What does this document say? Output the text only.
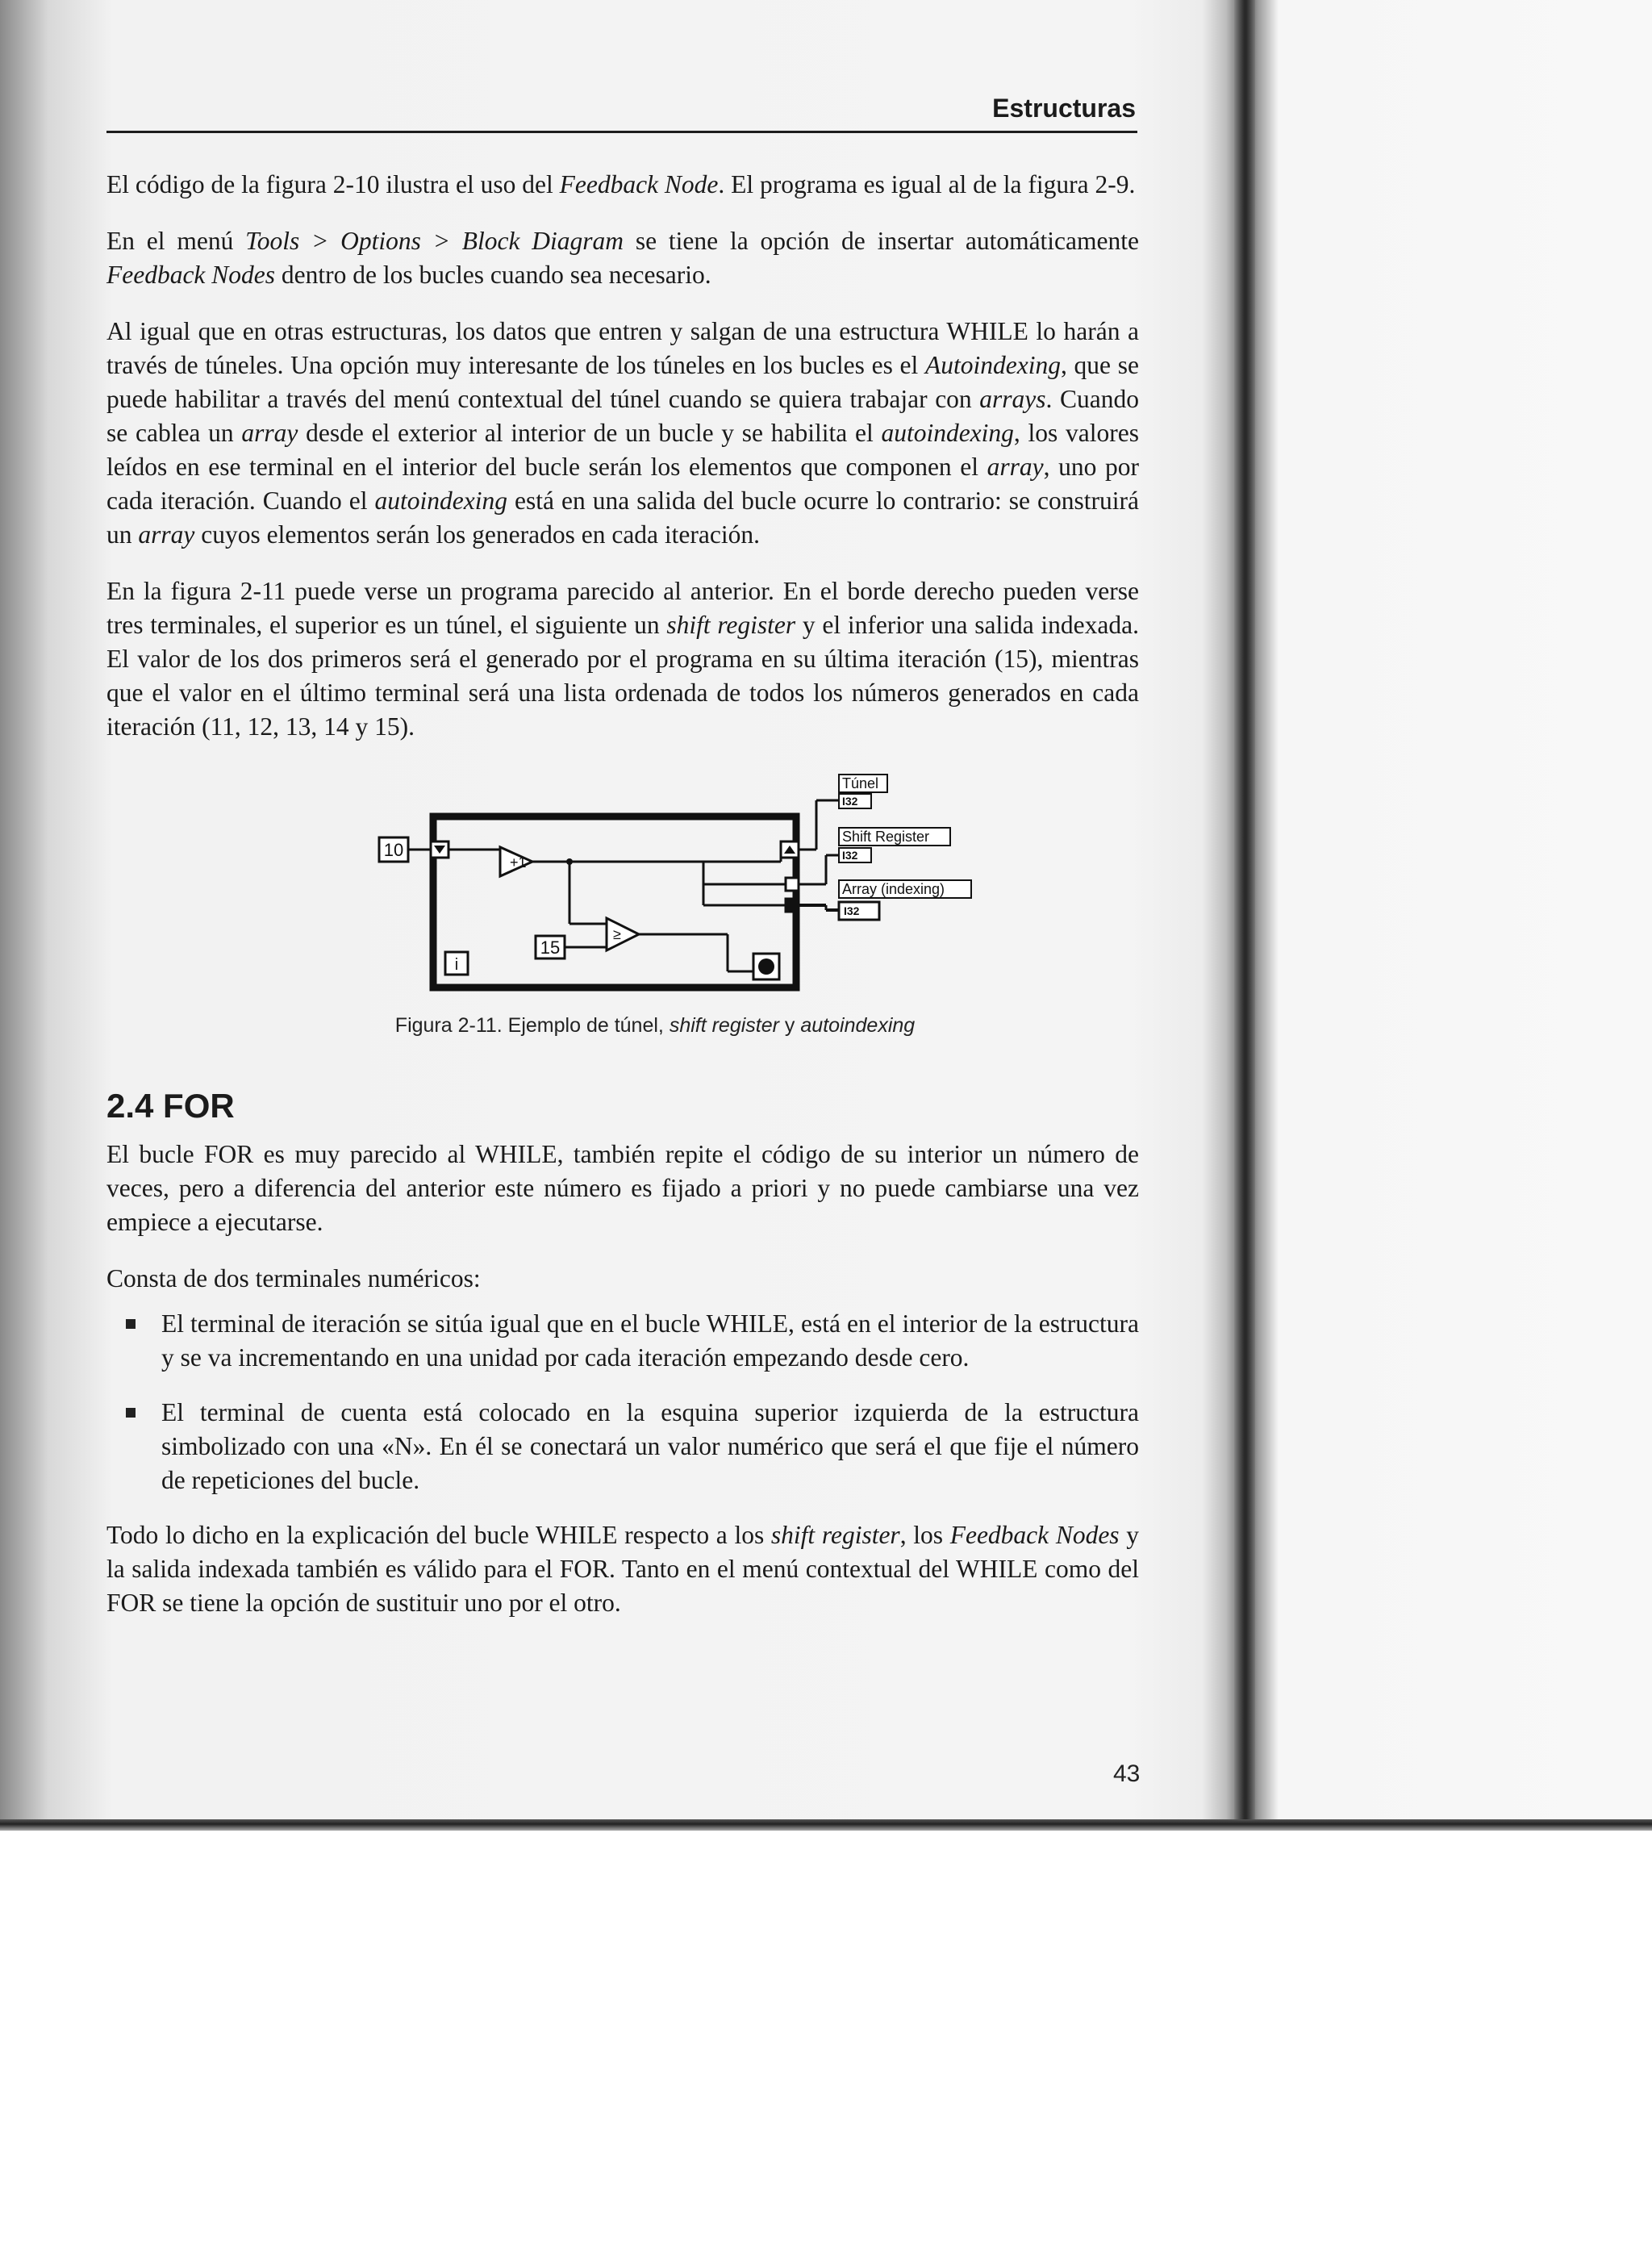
Estructuras

El código de la figura 2-10 ilustra el uso del Feedback Node. El programa es igual al de la figura 2-9.

En el menú Tools > Options > Block Diagram se tiene la opción de insertar automáticamente Feedback Nodes dentro de los bucles cuando sea necesario.

Al igual que en otras estructuras, los datos que entren y salgan de una estructura WHILE lo harán a través de túneles. Una opción muy interesante de los túneles en los bucles es el Autoindexing, que se puede habilitar a través del menú contextual del túnel cuando se quiera trabajar con arrays. Cuando se cablea un array desde el exterior al interior de un bucle y se habilita el autoindexing, los valores leídos en ese terminal en el interior del bucle serán los elementos que componen el array, uno por cada iteración. Cuando el autoindexing está en una salida del bucle ocurre lo contrario: se construirá un array cuyos elementos serán los generados en cada iteración.

En la figura 2-11 puede verse un programa parecido al anterior. En el borde derecho pueden verse tres terminales, el superior es un túnel, el siguiente un shift register y el inferior una salida indexada. El valor de los dos primeros será el generado por el programa en su última iteración (15), mientras que el valor en el último terminal será una lista ordenada de todos los números generados en cada iteración (11, 12, 13, 14 y 15).

10
+1
15
≥
i
Túnel
I32
Shift Register
I32
Array (indexing)
I32
Figura 2-11. Ejemplo de túnel, shift register y autoindexing
2.4 FOR

El bucle FOR es muy parecido al WHILE, también repite el código de su interior un número de veces, pero a diferencia del anterior este número es fijado a priori y no puede cambiarse una vez empiece a ejecutarse.

Consta de dos terminales numéricos:

El terminal de iteración se sitúa igual que en el bucle WHILE, está en el interior de la estructura y se va incrementando en una unidad por cada iteración empezando desde cero.
El terminal de cuenta está colocado en la esquina superior izquierda de la estructura simbolizado con una «N». En él se conectará un valor numérico que será el que fije el número de repeticiones del bucle.

Todo lo dicho en la explicación del bucle WHILE respecto a los shift register, los Feedback Nodes y la salida indexada también es válido para el FOR. Tanto en el menú contextual del WHILE como del FOR se tiene la opción de sustituir uno por el otro.

43
